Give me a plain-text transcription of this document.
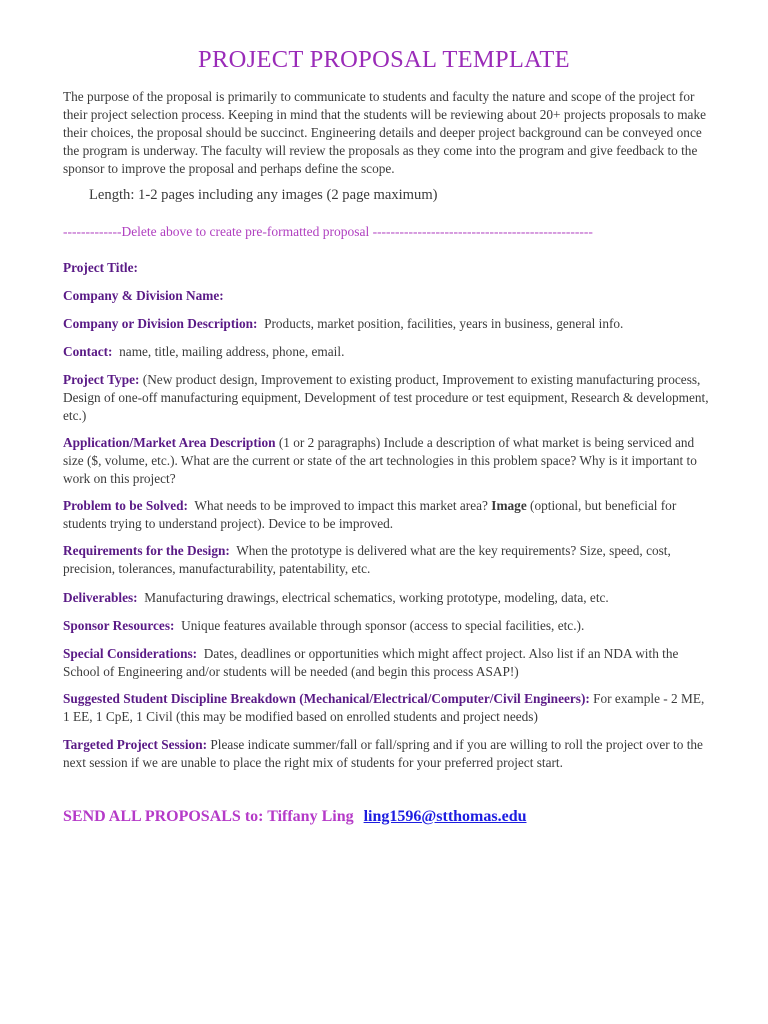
PROJECT PROPOSAL TEMPLATE
The purpose of the proposal is primarily to communicate to students and faculty the nature and scope of the project for their project selection process. Keeping in mind that the students will be reviewing about 20+ projects proposals to make their choices, the proposal should be succinct. Engineering details and deeper project background can be conveyed once the program is underway. The faculty will review the proposals as they come into the program and give feedback to the sponsor to improve the proposal and perhaps define the scope.
Length: 1-2 pages including any images (2 page maximum)
-------------Delete above to create pre-formatted proposal -------------------------------------------------
Project Title:
Company & Division Name:
Company or Division Description: Products, market position, facilities, years in business, general info.
Contact: name, title, mailing address, phone, email.
Project Type: (New product design, Improvement to existing product, Improvement to existing manufacturing process, Design of one-off manufacturing equipment, Development of test procedure or test equipment, Research & development, etc.)
Application/Market Area Description (1 or 2 paragraphs) Include a description of what market is being serviced and size ($, volume, etc.). What are the current or state of the art technologies in this problem space? Why is it important to work on this project?
Problem to be Solved: What needs to be improved to impact this market area? Image (optional, but beneficial for students trying to understand project). Device to be improved.
Requirements for the Design: When the prototype is delivered what are the key requirements? Size, speed, cost, precision, tolerances, manufacturability, patentability, etc.
Deliverables: Manufacturing drawings, electrical schematics, working prototype, modeling, data, etc.
Sponsor Resources: Unique features available through sponsor (access to special facilities, etc.).
Special Considerations: Dates, deadlines or opportunities which might affect project. Also list if an NDA with the School of Engineering and/or students will be needed (and begin this process ASAP!)
Suggested Student Discipline Breakdown (Mechanical/Electrical/Computer/Civil Engineers): For example - 2 ME, 1 EE, 1 CpE, 1 Civil (this may be modified based on enrolled students and project needs)
Targeted Project Session: Please indicate summer/fall or fall/spring and if you are willing to roll the project over to the next session if we are unable to place the right mix of students for your preferred project start.
SEND ALL PROPOSALS to: Tiffany Ling ling1596@stthomas.edu
